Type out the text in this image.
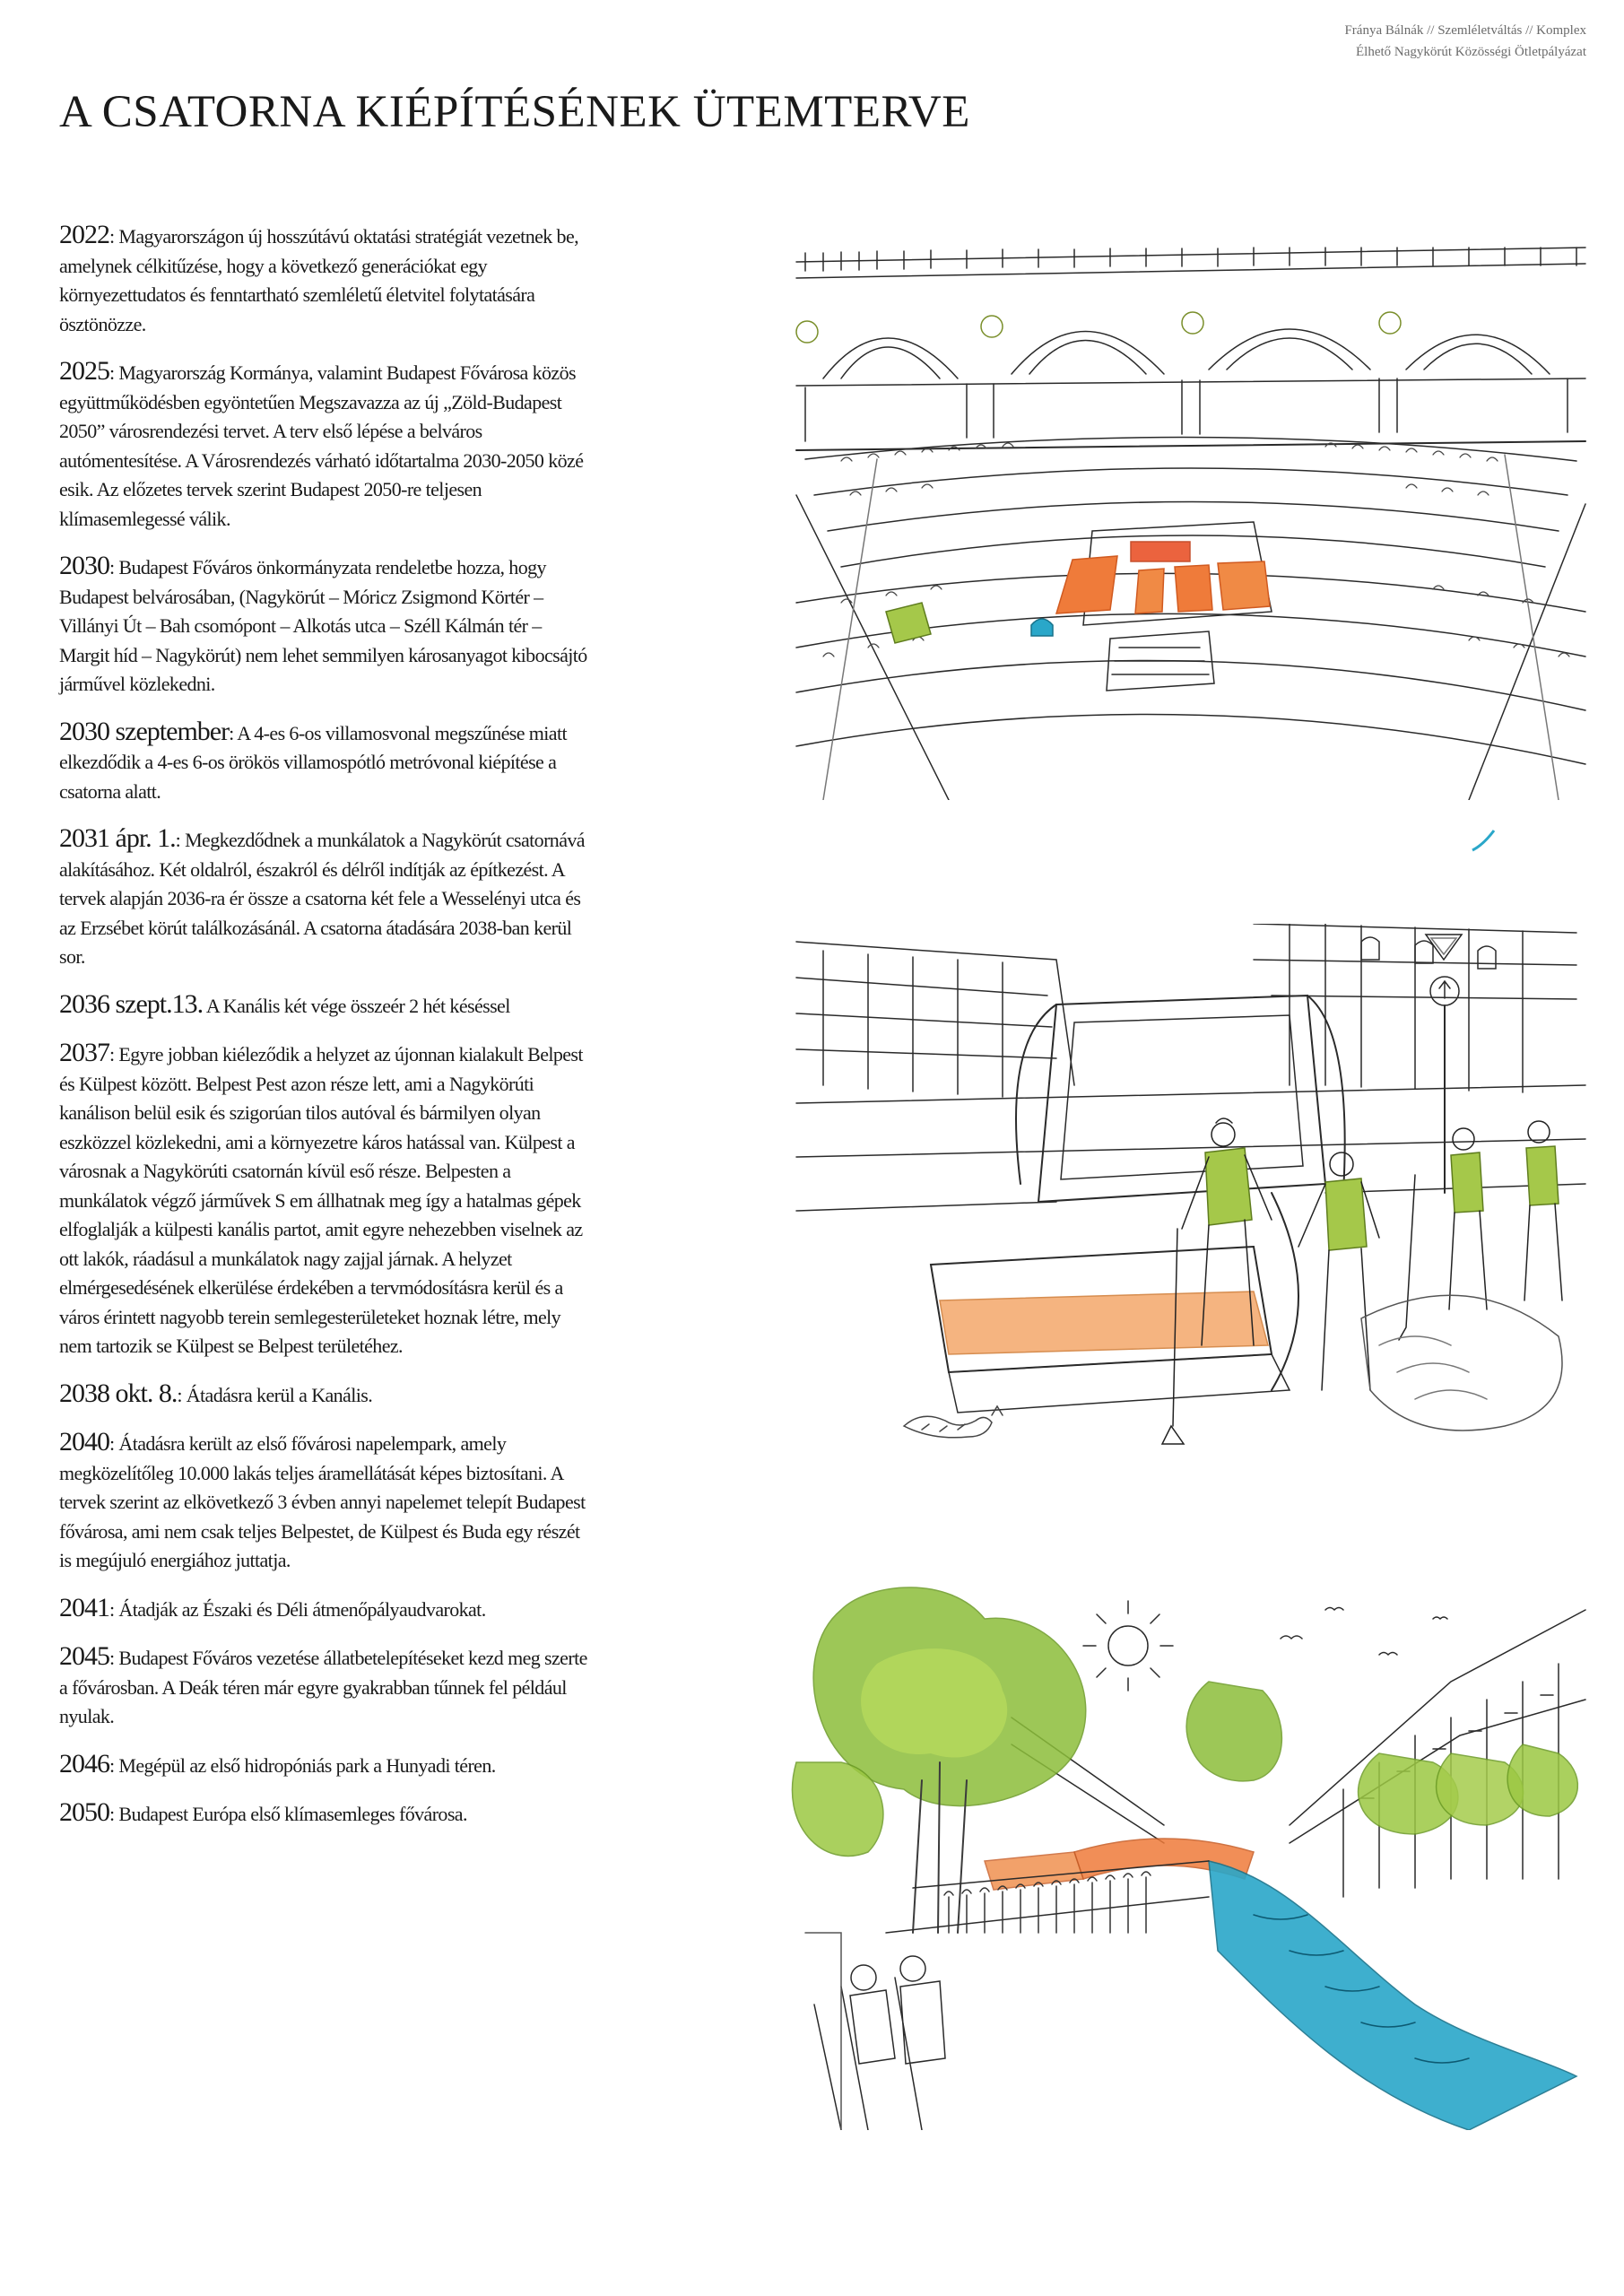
Fránya Bálnák // Szemléletváltás // Komplex
Élhető Nagykörút Közösségi Ötletpályázat
A CSATORNA KIÉPÍTÉSÉNEK ÜTEMTERVE

2022: Magyarországon új hosszútávú oktatási stratégiát vezetnek be, amelynek célkitűzése, hogy a következő generációkat egy környezettudatos és fenntartható szemléletű életvitel folytatására ösztönözze.

2025: Magyarország Kormánya, valamint Budapest Fővárosa közös együttműködésben egyöntetűen Megszavazza az új „Zöld-Budapest 2050” városrendezési tervet. A terv első lépése a belváros autómentesítése. A Városrendezés várható időtartalma 2030-2050 közé esik. Az előzetes tervek szerint Budapest 2050-re teljesen klímasemlegessé válik.

2030: Budapest Főváros önkormányzata rendeletbe hozza, hogy Budapest belvárosában, (Nagykörút – Móricz Zsigmond Körtér – Villányi Út – Bah csomópont – Alkotás utca – Széll Kálmán tér – Margit híd – Nagykörút) nem lehet semmilyen károsanyagot kibocsájtó járművel közlekedni.

2030 szeptember: A 4-es 6-os villamosvonal megszűnése miatt elkezdődik a 4-es 6-os örökös villamospótló metróvonal kiépítése a csatorna alatt.

2031 ápr. 1.: Megkezdődnek a munkálatok a Nagykörút csatornává alakításához. Két oldalról, északról és délről indítják az építkezést. A tervek alapján 2036-ra ér össze a csatorna két fele a Wesselényi utca és az Erzsébet körút találkozásánál. A csatorna átadására 2038-ban kerül sor.

2036 szept.13. A Kanális két vége összeér 2 hét késéssel

2037: Egyre jobban kiéleződik a helyzet az újonnan kialakult Belpest és Külpest között. Belpest Pest azon része lett, ami a Nagykörúti kanálison belül esik és szigorúan tilos autóval és bármilyen olyan eszközzel közlekedni, ami a környezetre káros hatással van. Külpest a városnak a Nagykörúti csatornán kívül eső része. Belpesten a munkálatok végző járművek S em állhatnak meg így a hatalmas gépek elfoglalják a külpesti kanális partot, amit egyre nehezebben viselnek az ott lakók, ráadásul a munkálatok nagy zajjal járnak. A helyzet elmérgesedésének elkerülése érdekében a tervmódosításra kerül és a város érintett nagyobb terein semlegesterületeket hoznak létre, mely nem tartozik se Külpest se Belpest területéhez.

2038 okt. 8.: Átadásra kerül a Kanális.

2040: Átadásra került az első fővárosi napelempark, amely megközelítőleg 10.000 lakás teljes áramellátását képes biztosítani. A tervek szerint az elkövetkező 3 évben annyi napelemet telepít Budapest fővárosa, ami nem csak teljes Belpestet, de Külpest és Buda egy részét is megújuló energiához juttatja.

2041: Átadják az Északi és Déli átmenőpályaudvarokat.

2045: Budapest Főváros vezetése állatbetelepítéseket kezd meg szerte a fővárosban. A Deák téren már egyre gyakrabban tűnnek fel például nyulak.

2046: Megépül az első hidropóniás park a Hunyadi téren.

2050: Budapest Európa első klímasemleges fővárosa.
